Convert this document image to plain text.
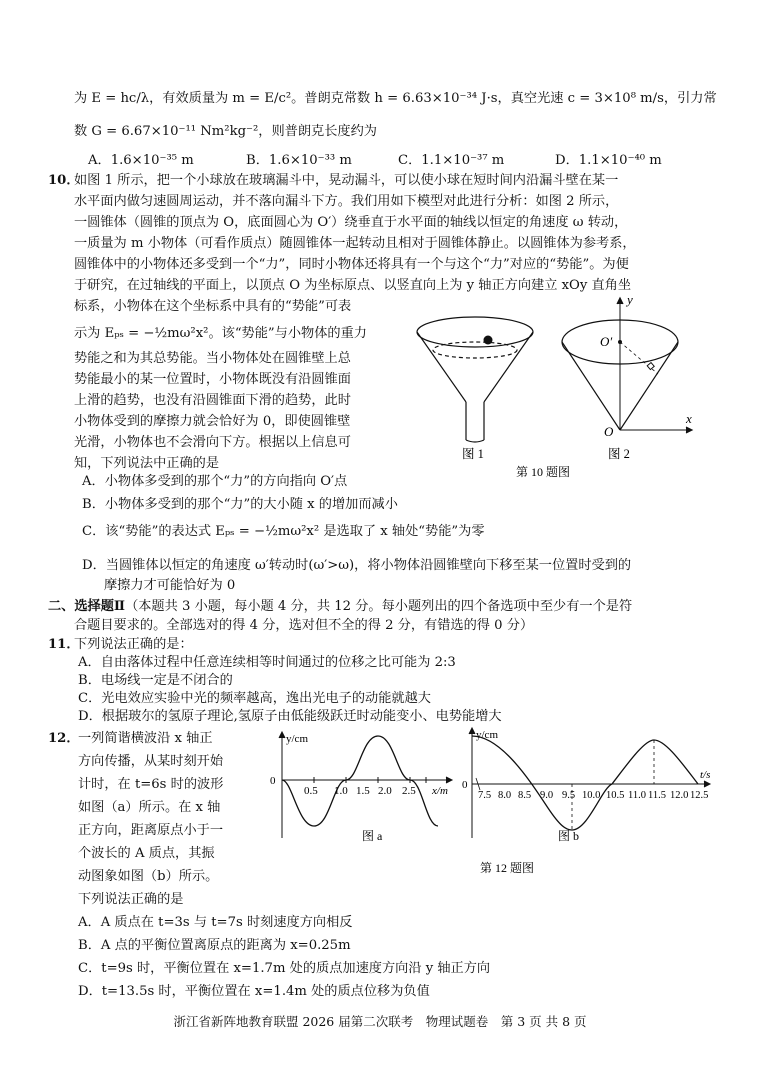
为 E = hc/λ，有效质量为 m = E/c²。普朗克常数 h = 6.63×10⁻³⁴ J·s，真空光速 c = 3×10⁸ m/s，引力常
数 G = 6.67×10⁻¹¹ Nm²kg⁻²，则普朗克长度约为
A．1.6×10⁻³⁵ m	B．1.6×10⁻³³ m	C．1.1×10⁻³⁷ m	D．1.1×10⁻⁴⁰ m
10．
如图 1 所示，把一个小球放在玻璃漏斗中，晃动漏斗，可以使小球在短时间内沿漏斗壁在某一
水平面内做匀速圆周运动，并不落向漏斗下方。我们用如下模型对此进行分析：如图 2 所示，
一圆锥体（圆锥的顶点为 O，底面圆心为 O′）绕垂直于水平面的轴线以恒定的角速度 ω 转动，
一质量为 m 小物体（可看作质点）随圆锥体一起转动且相对于圆锥体静止。以圆锥体为参考系，
圆锥体中的小物体还多受到一个“力”，同时小物体还将具有一个与这个“力”对应的“势能”。为便
于研究，在过轴线的平面上，以顶点 O 为坐标原点、以竖直向上为 y 轴正方向建立 xOy 直角坐
标系，小物体在这个坐标系中具有的“势能”可表
示为 Eₚₛ = −½mω²x²。该“势能”与小物体的重力
势能之和为其总势能。当小物体处在圆锥壁上总
势能最小的某一位置时，小物体既没有沿圆锥面
上滑的趋势，也没有沿圆锥面下滑的趋势，此时
小物体受到的摩擦力就会恰好为 0，即使圆锥壁
光滑，小物体也不会滑向下方。根据以上信息可
知，下列说法中正确的是
A．小物体多受到的那个“力”的方向指向 O′点
B．小物体多受到的那个“力”的大小随 x 的增加而减小
C．该“势能”的表达式 Eₚₛ = −½mω²x² 是选取了 x 轴处“势能”为零
D．当圆锥体以恒定的角速度 ω′转动时(ω′>ω)，将小物体沿圆锥壁向下移至某一位置时受到的
摩擦力才可能恰好为 0
y
x
O
O′
图 1	图 2
第 10 题图
二、选择题Ⅱ（本题共 3 小题，每小题 4 分，共 12 分。每小题列出的四个备选项中至少有一个是符
合题目要求的。全部选对的得 4 分，选对但不全的得 2 分，有错选的得 0 分）
11．
下列说法正确的是：
A．自由落体过程中任意连续相等时间通过的位移之比可能为 2:3
B．电场线一定是不闭合的
C．光电效应实验中光的频率越高，逸出光电子的动能就越大
D．根据玻尔的氢原子理论,氢原子由低能级跃迁时动能变小、电势能增大
12．
一列简谐横波沿 x 轴正
方向传播，从某时刻开始
计时，在 t=6s 时的波形
如图（a）所示。在 x 轴
正方向，距离原点小于一
个波长的 A 质点，其振
动图象如图（b）所示。
下列说法正确的是
A．A 质点在 t=3s 与 t=7s 时刻速度方向相反
B．A 点的平衡位置离原点的距离为 x=0.25m
C．t=9s 时，平衡位置在 x=1.7m 处的质点加速度方向沿 y 轴正方向
D．t=13.5s 时，平衡位置在 x=1.4m 处的质点位移为负值
y/cm
0
0.5 1.0 1.5 2.0 2.5 x/m
图 a
y/cm
0
7.5 8.0 8.5 9.0 9.5 10.0 10.5 11.0 11.5 12.0 12.5
t/s
图 b
第 12 题图
浙江省新阵地教育联盟 2026 届第二次联考　物理试题卷　第 3 页 共 8 页
